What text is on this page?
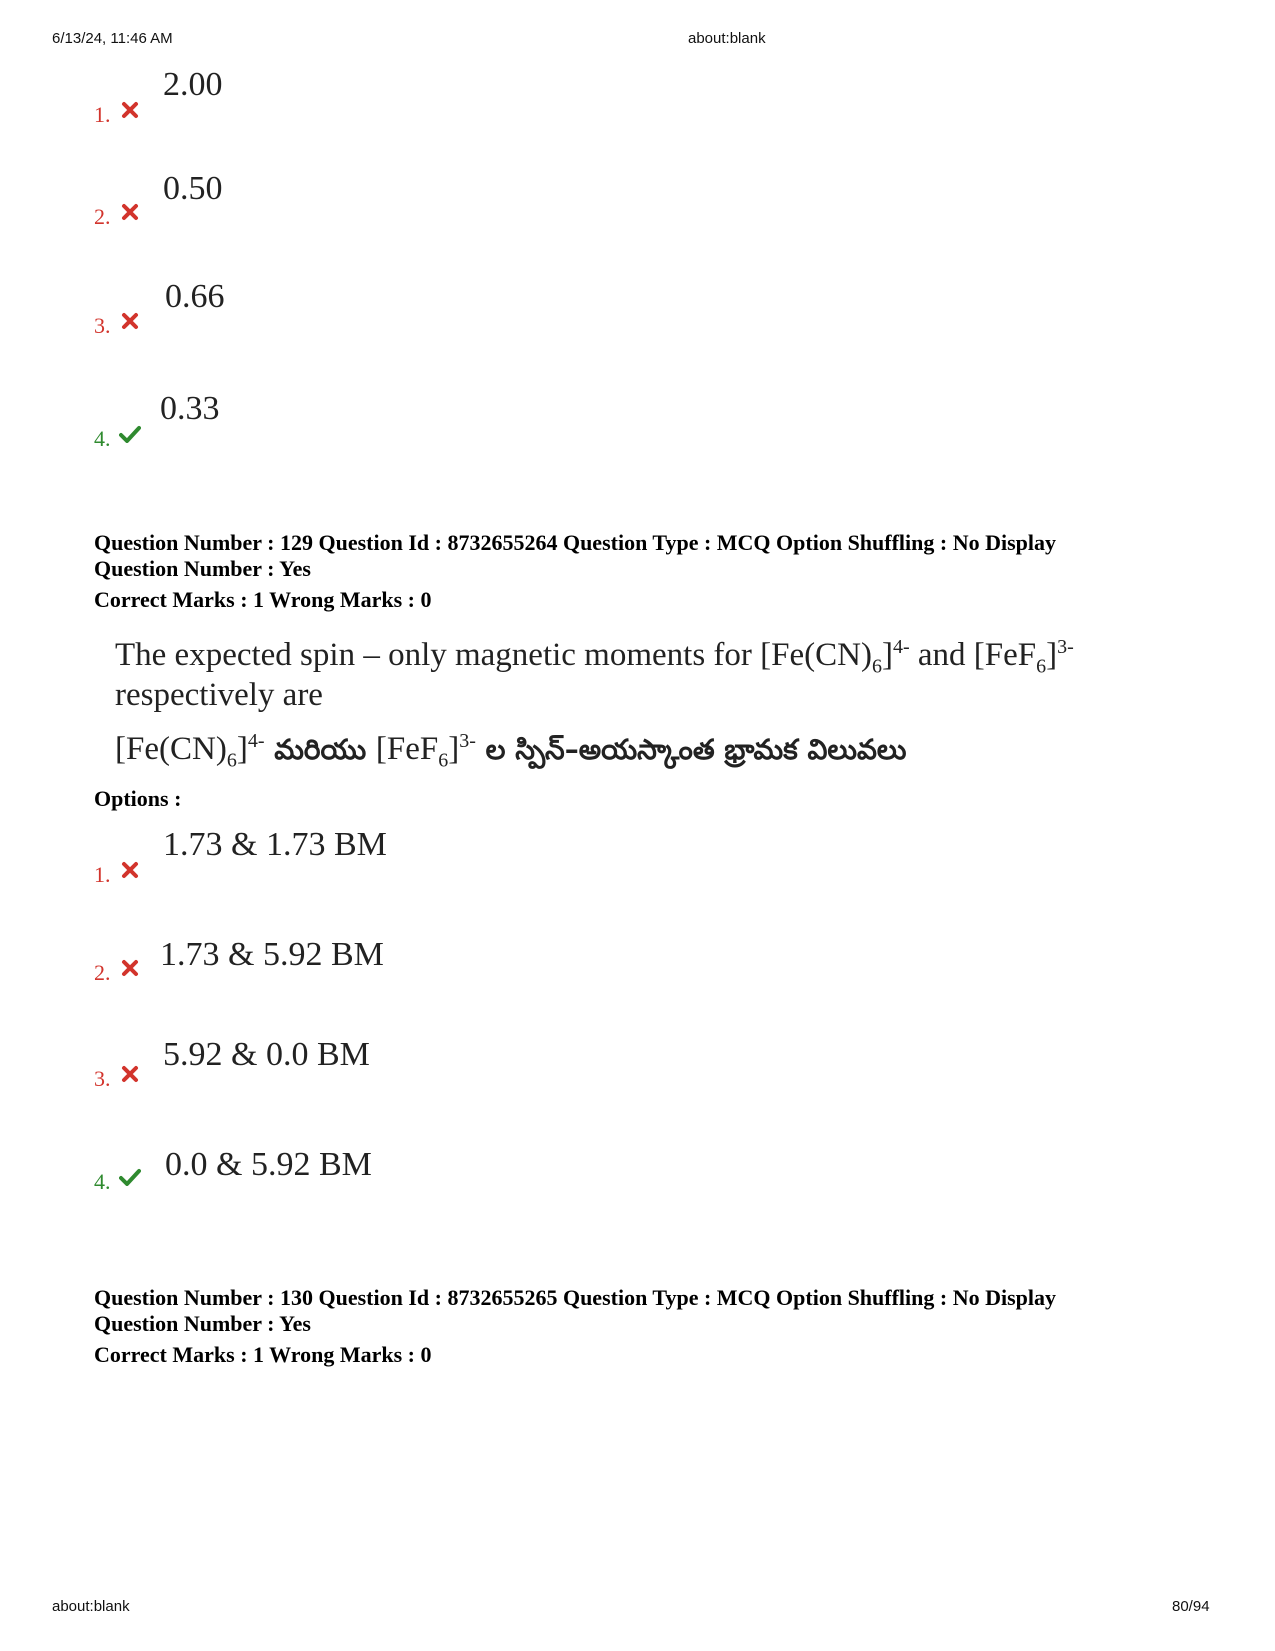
6/13/24, 11:46 AM	about:blank
about:blank	80/94
1.
2.00
2.
0.50
3.
0.66
4.
0.33
Question Number : 129 Question Id : 8732655264 Question Type : MCQ Option Shuffling : No Display
Question Number : Yes
Correct Marks : 1 Wrong Marks : 0
The expected spin – only magnetic moments for $[Fe(CN)_6]^{4-}$ and $[FeF_6]^{3-}$
respectively are
$[Fe(CN)_6]^{4-}$ మరియు $[FeF_6]^{3-}$ ల స్పిన్–అయస్కాంత భ్రామక విలువలు
Options :
1.
1.73 & 1.73 BM
2. 1.73 & 5.92 BM
3.
5.92 & 0.0 BM
4. 0.0 & 5.92 BM
Question Number : 130 Question Id : 8732655265 Question Type : MCQ Option Shuffling : No Display
Question Number : Yes
Correct Marks : 1 Wrong Marks : 0
